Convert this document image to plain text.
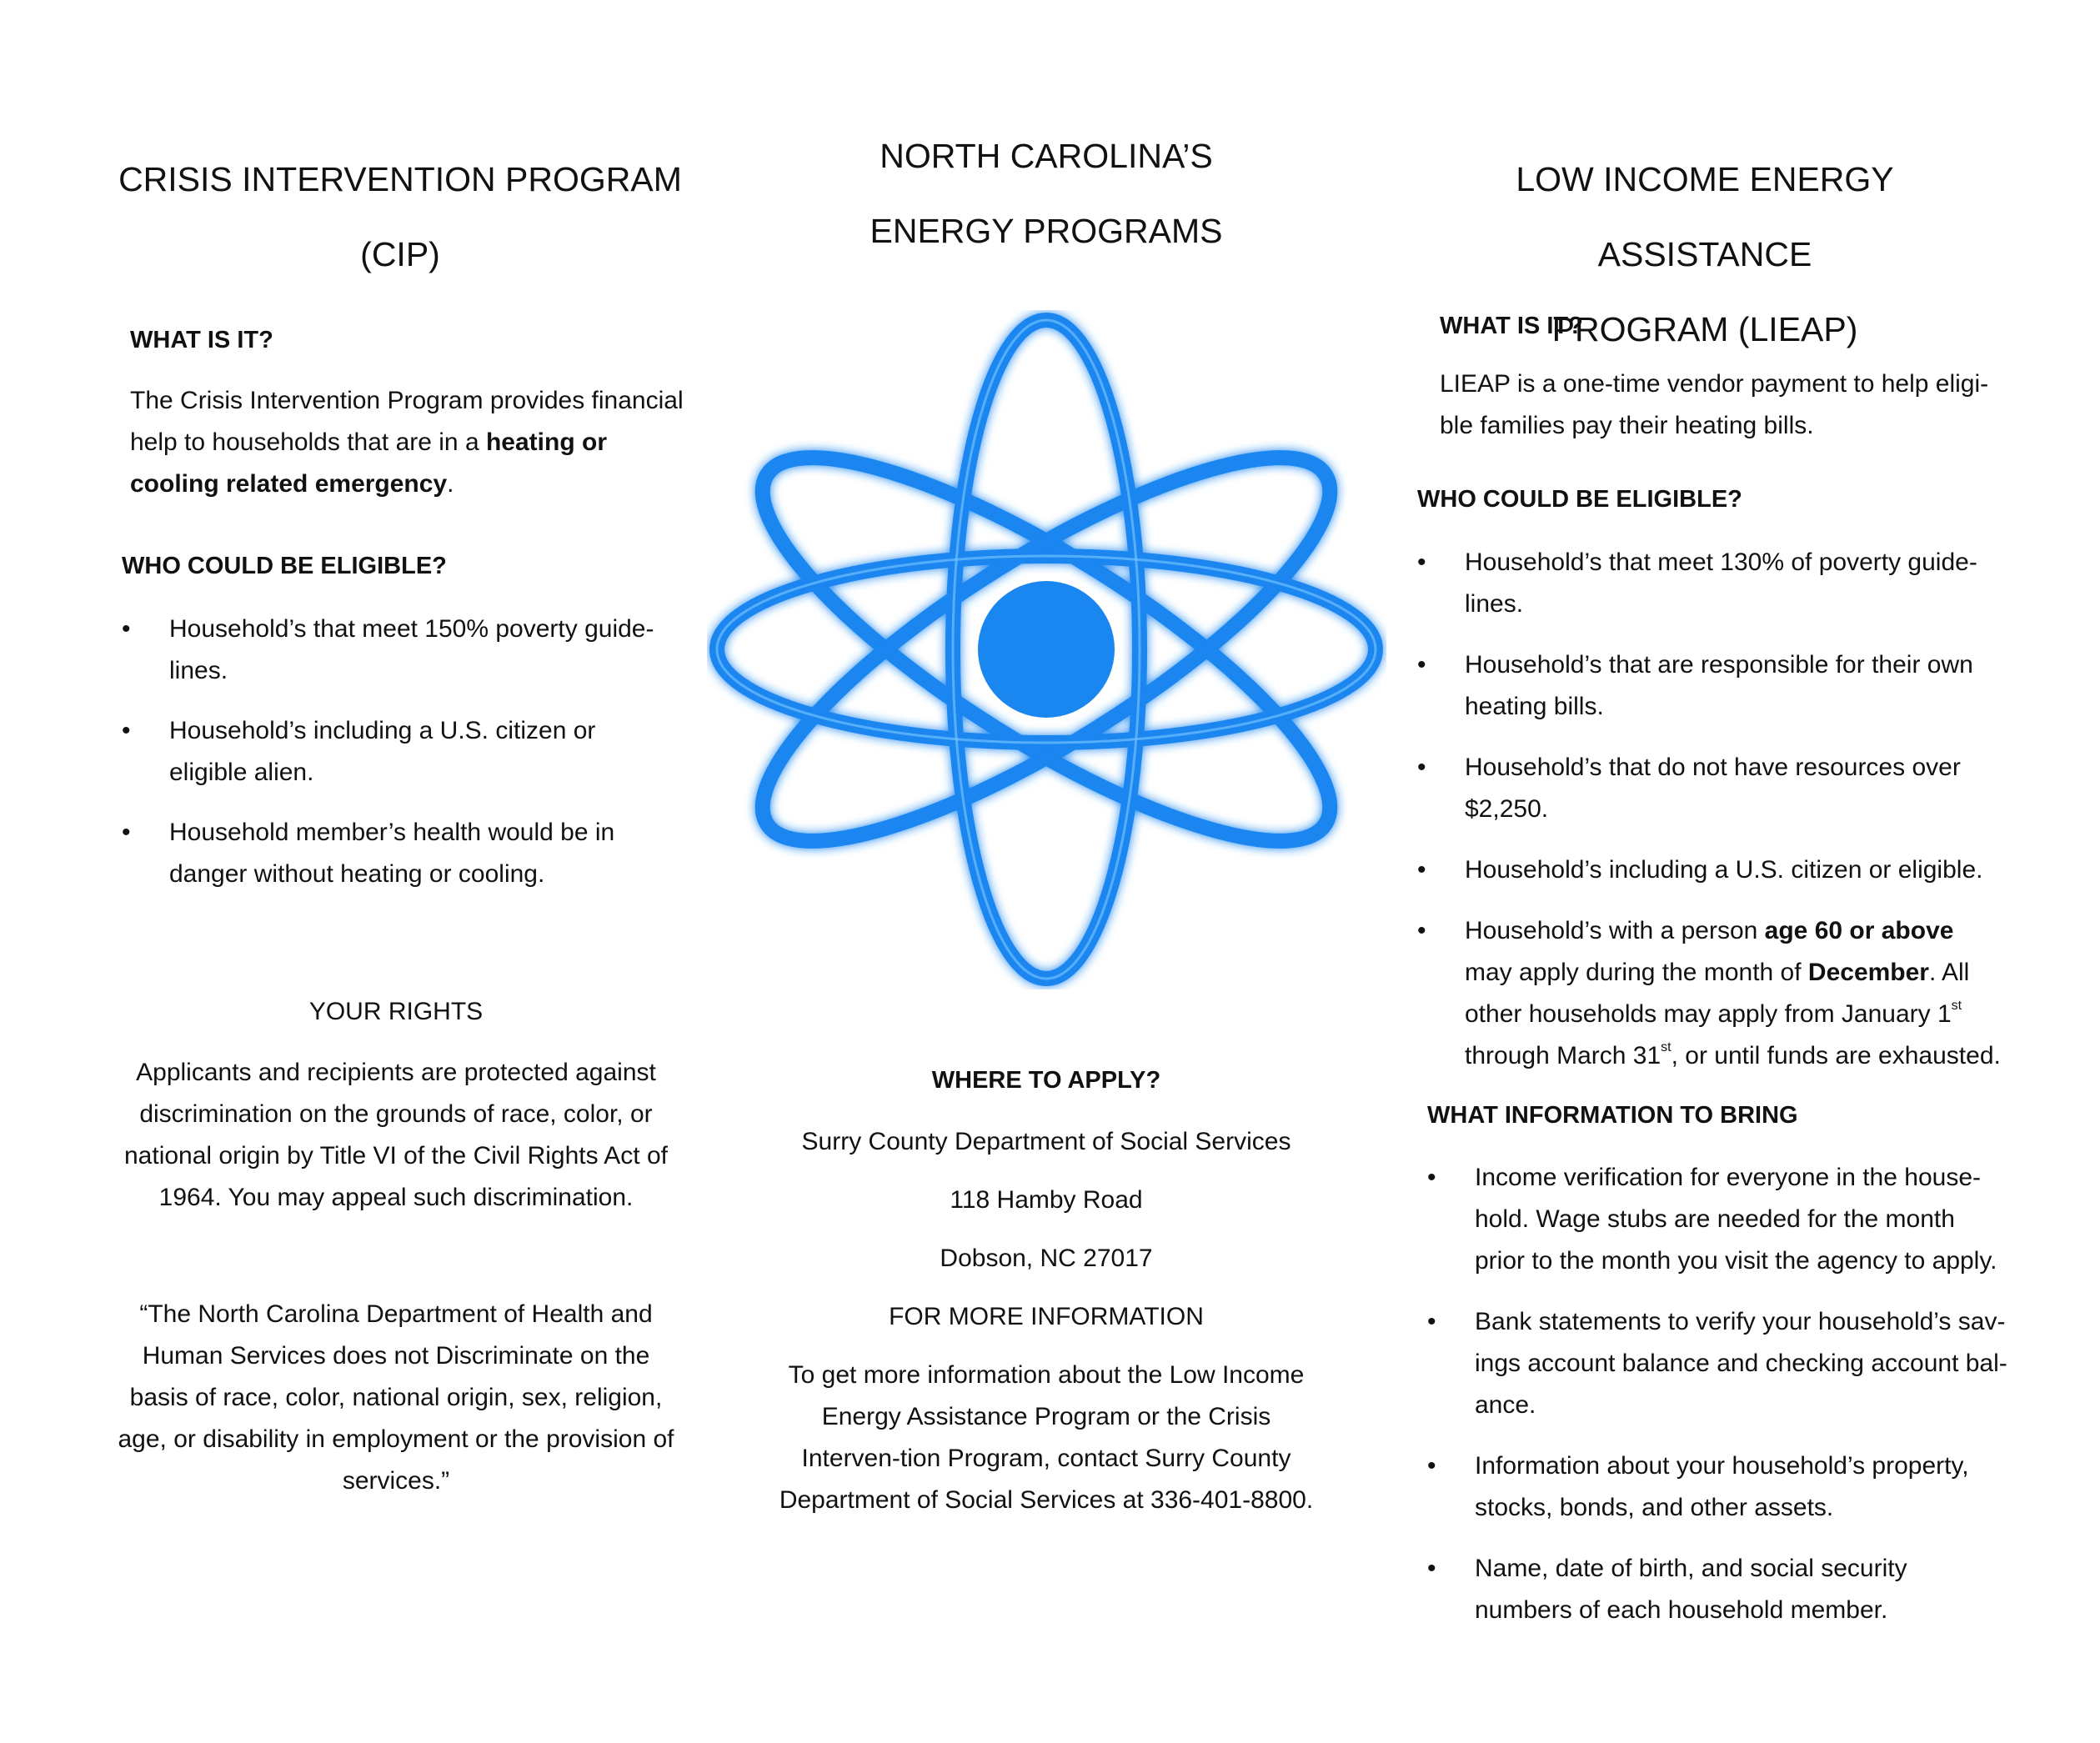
CRISIS INTERVENTION PROGRAM
(CIP)
WHAT IS IT?

The Crisis Intervention Program provides financial help to households that are in a heating or cooling related emergency.

WHO COULD BE ELIGIBLE?
• Household’s that meet 150% poverty guide-lines.
• Household’s including a U.S. citizen or eligible alien.
• Household member’s health would be in danger without heating or cooling.
YOUR RIGHTS

Applicants and recipients are protected against discrimination on the grounds of race, color, or national origin by Title VI of the Civil Rights Act of 1964. You may appeal such discrimination.

“The North Carolina Department of Health and Human Services does not Discriminate on the basis of race, color, national origin, sex, religion, age, or disability in employment or the provision of services.”

NORTH CAROLINA’S
ENERGY PROGRAMS
WHERE TO APPLY?

Surry County Department of Social Services

118 Hamby Road

Dobson, NC 27017

FOR MORE INFORMATION

To get more information about the Low Income Energy Assistance Program or the Crisis Interven-tion Program, contact Surry County Department of Social Services at 336-401-8800.

LOW INCOME ENERGY ASSISTANCE
PROGRAM (LIEAP)
WHAT IS IT?

LIEAP is a one-time vendor payment to help eligi-ble families pay their heating bills.

WHO COULD BE ELIGIBLE?
• Household’s that meet 130% of poverty guide-lines.
• Household’s that are responsible for their own heating bills.
• Household’s that do not have resources over $2,250.
• Household’s including a U.S. citizen or eligible.
• Household’s with a person age 60 or above may apply during the month of December. All other households may apply from January 1st through March 31st, or until funds are exhausted.
WHAT INFORMATION TO BRING
• Income verification for everyone in the house-hold. Wage stubs are needed for the month prior to the month you visit the agency to apply.
• Bank statements to verify your household’s sav-ings account balance and checking account bal-ance.
• Information about your household’s property, stocks, bonds, and other assets.
• Name, date of birth, and social security numbers of each household member.
